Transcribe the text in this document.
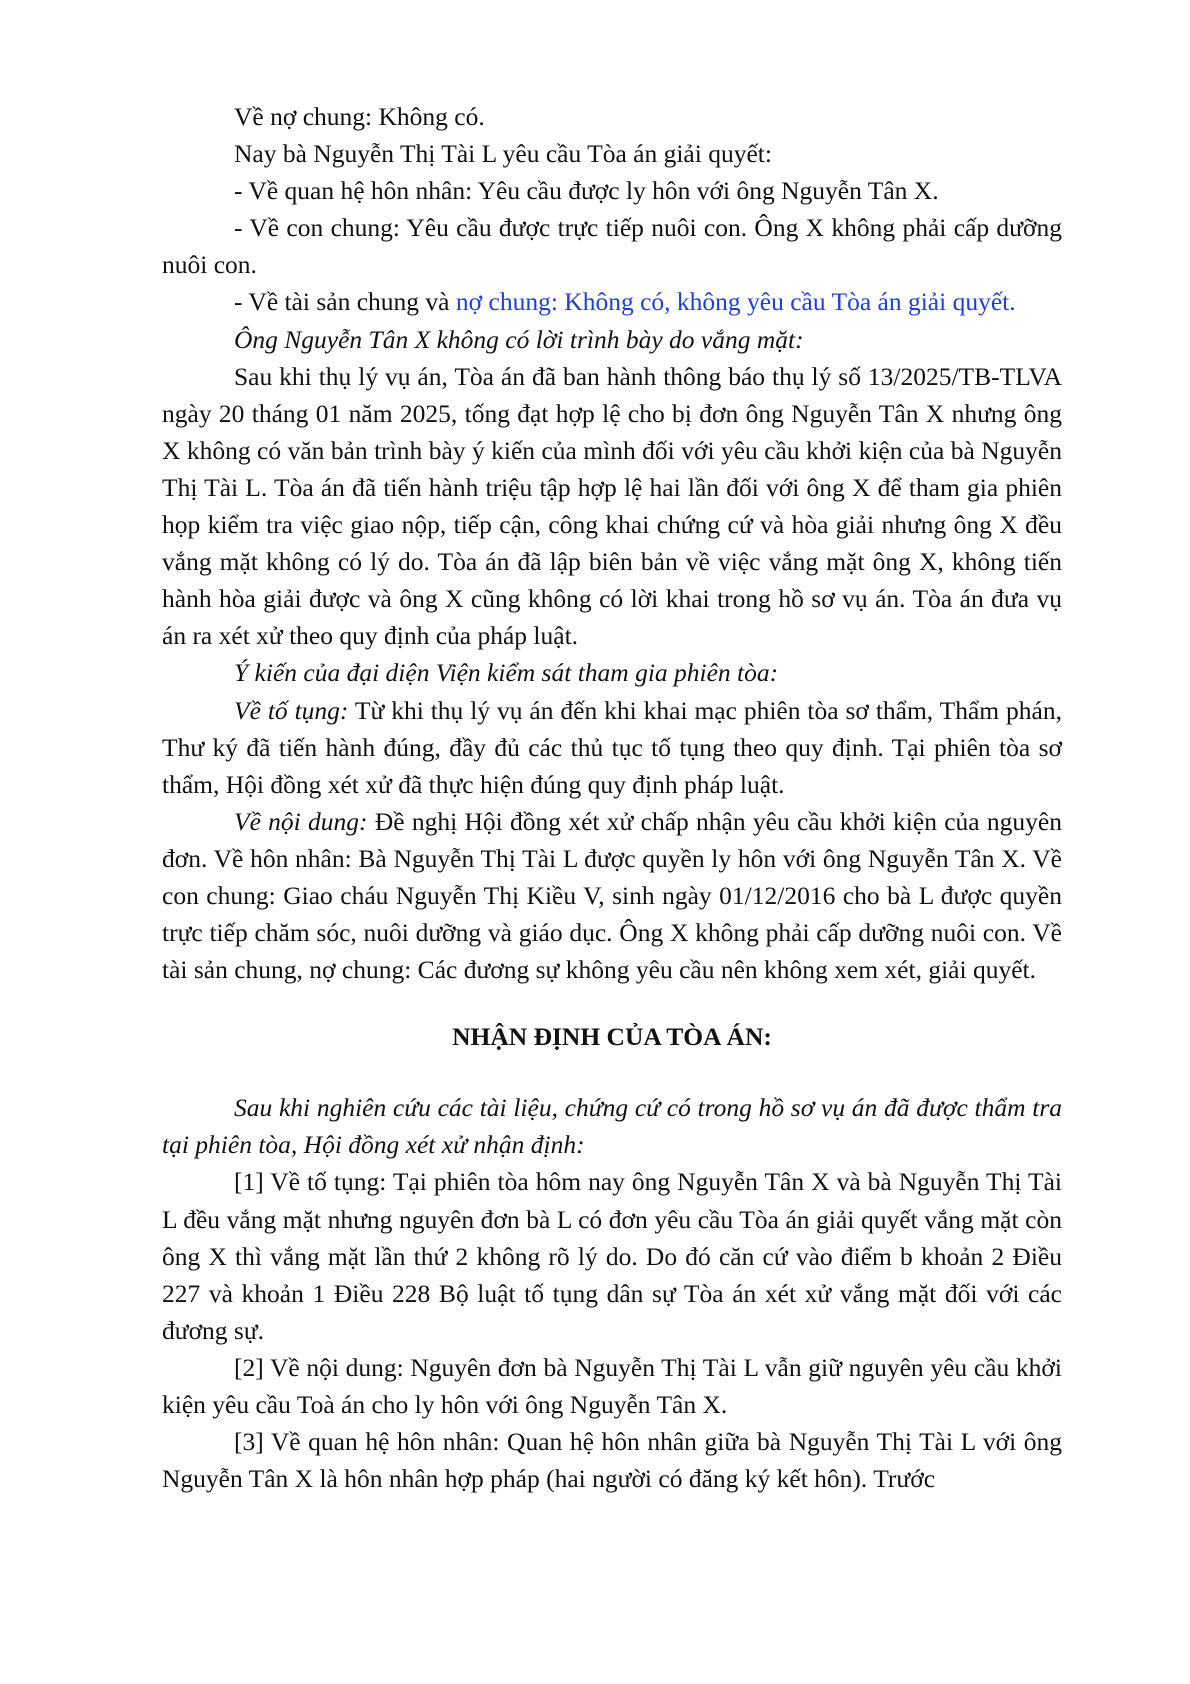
Về nợ chung: Không có.

Nay bà Nguyễn Thị Tài L yêu cầu Tòa án giải quyết:

- Về quan hệ hôn nhân: Yêu cầu được ly hôn với ông Nguyễn Tân X.

- Về con chung: Yêu cầu được trực tiếp nuôi con. Ông X không phải cấp dưỡng nuôi con.

- Về tài sản chung và nợ chung: Không có, không yêu cầu Tòa án giải quyết.

Ông Nguyễn Tân X không có lời trình bày do vắng mặt:

Sau khi thụ lý vụ án, Tòa án đã ban hành thông báo thụ lý số 13/2025/TB-TLVA ngày 20 tháng 01 năm 2025, tống đạt hợp lệ cho bị đơn ông Nguyễn Tân X nhưng ông X không có văn bản trình bày ý kiến của mình đối với yêu cầu khởi kiện của bà Nguyễn Thị Tài L. Tòa án đã tiến hành triệu tập hợp lệ hai lần đối với ông X để tham gia phiên họp kiểm tra việc giao nộp, tiếp cận, công khai chứng cứ và hòa giải nhưng ông X đều vắng mặt không có lý do. Tòa án đã lập biên bản về việc vắng mặt ông X, không tiến hành hòa giải được và ông X cũng không có lời khai trong hồ sơ vụ án. Tòa án đưa vụ án ra xét xử theo quy định của pháp luật.

Ý kiến của đại diện Viện kiểm sát tham gia phiên tòa:

Về tố tụng: Từ khi thụ lý vụ án đến khi khai mạc phiên tòa sơ thẩm, Thẩm phán, Thư ký đã tiến hành đúng, đầy đủ các thủ tục tố tụng theo quy định. Tại phiên tòa sơ thẩm, Hội đồng xét xử đã thực hiện đúng quy định pháp luật.

Về nội dung: Đề nghị Hội đồng xét xử chấp nhận yêu cầu khởi kiện của nguyên đơn. Về hôn nhân: Bà Nguyễn Thị Tài L được quyền ly hôn với ông Nguyễn Tân X. Về con chung: Giao cháu Nguyễn Thị Kiều V, sinh ngày 01/12/2016 cho bà L được quyền trực tiếp chăm sóc, nuôi dưỡng và giáo dục. Ông X không phải cấp dưỡng nuôi con. Về tài sản chung, nợ chung: Các đương sự không yêu cầu nên không xem xét, giải quyết.

NHẬN ĐỊNH CỦA TÒA ÁN:

Sau khi nghiên cứu các tài liệu, chứng cứ có trong hồ sơ vụ án đã được thẩm tra tại phiên tòa, Hội đồng xét xử nhận định:

[1] Về tố tụng: Tại phiên tòa hôm nay ông Nguyễn Tân X và bà Nguyễn Thị Tài L đều vắng mặt nhưng nguyên đơn bà L có đơn yêu cầu Tòa án giải quyết vắng mặt còn ông X thì vắng mặt lần thứ 2 không rõ lý do. Do đó căn cứ vào điểm b khoản 2 Điều 227 và khoản 1 Điều 228 Bộ luật tố tụng dân sự Tòa án xét xử vắng mặt đối với các đương sự.

[2] Về nội dung: Nguyên đơn bà Nguyễn Thị Tài L vẫn giữ nguyên yêu cầu khởi kiện yêu cầu Toà án cho ly hôn với ông Nguyễn Tân X.

[3] Về quan hệ hôn nhân: Quan hệ hôn nhân giữa bà Nguyễn Thị Tài L với ông Nguyễn Tân X là hôn nhân hợp pháp (hai người có đăng ký kết hôn). Trước
